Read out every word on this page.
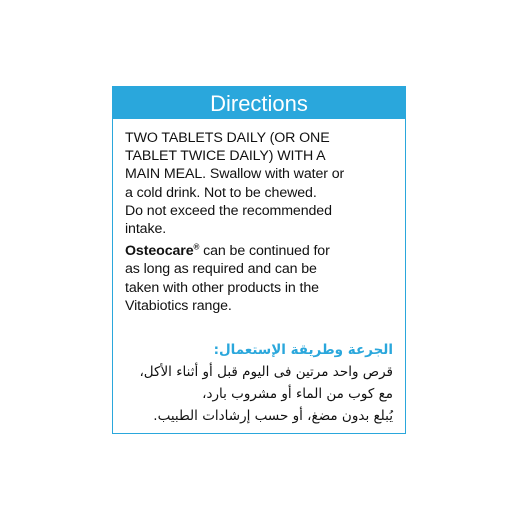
Directions

TWO TABLETS DAILY (OR ONE
TABLET TWICE DAILY) WITH A
MAIN MEAL. Swallow with water or
a cold drink. Not to be chewed.
Do not exceed the recommended
intake.

Osteocare® can be continued for
as long as required and can be
taken with other products in the
Vitabiotics range.

الجرعة وطريقة الإستعمال:
قرص واحد مرتين فى اليوم قبل أو أثناء الأكل،
مع كوب من الماء أو مشروب بارد،
يُبلع بدون مضغ، أو حسب إرشادات الطبيب.
